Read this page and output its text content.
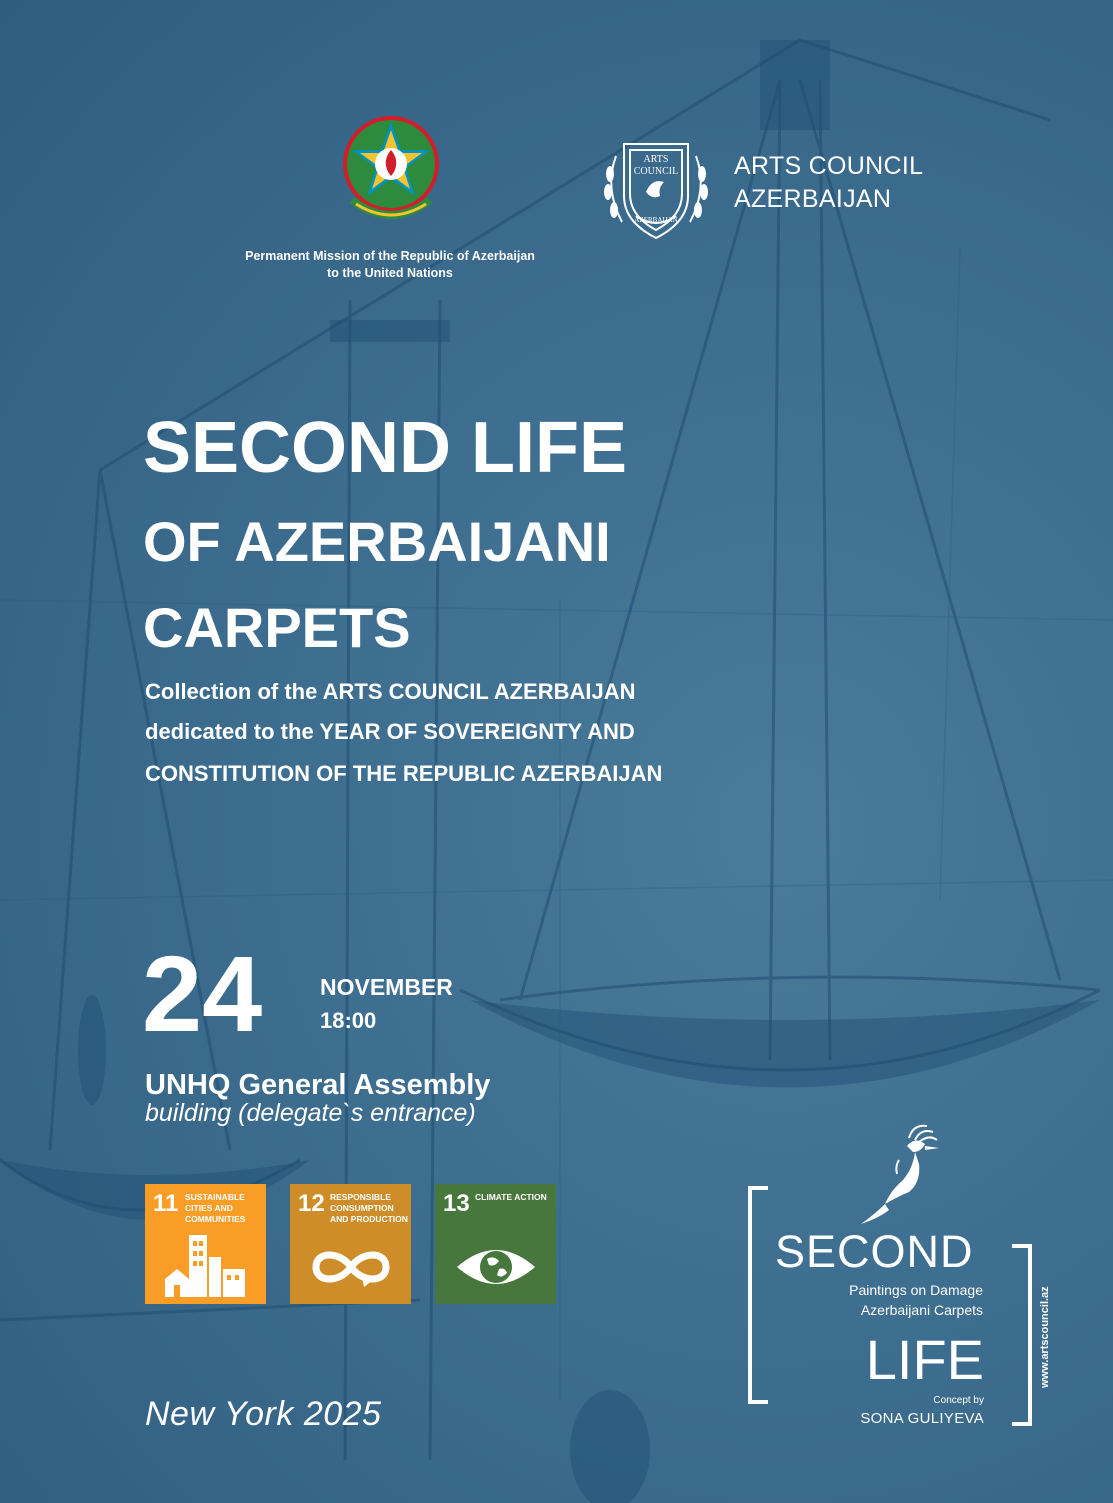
Permanent Mission of the Republic of Azerbaijan
to the United Nations
ARTS
COUNCIL
AZERBAIJAN
ARTS COUNCIL
AZERBAIJAN
SECOND LIFE
OF AZERBAIJANI
CARPETS
Collection of the ARTS COUNCIL AZERBAIJAN
dedicated to the YEAR OF SOVEREIGNTY AND
CONSTITUTION OF THE REPUBLIC AZERBAIJAN
24	NOVEMBER
18:00
UNHQ General Assembly
building (delegate`s entrance)
11 SUSTAINABLE CITIES AND COMMUNITIES
12 RESPONSIBLE CONSUMPTION AND PRODUCTION
13 CLIMATE ACTION
New York 2025
SECOND
Paintings on Damage
Azerbaijani Carpets
LIFE
Concept by
SONA GULIYEVA
www.artscouncil.az
